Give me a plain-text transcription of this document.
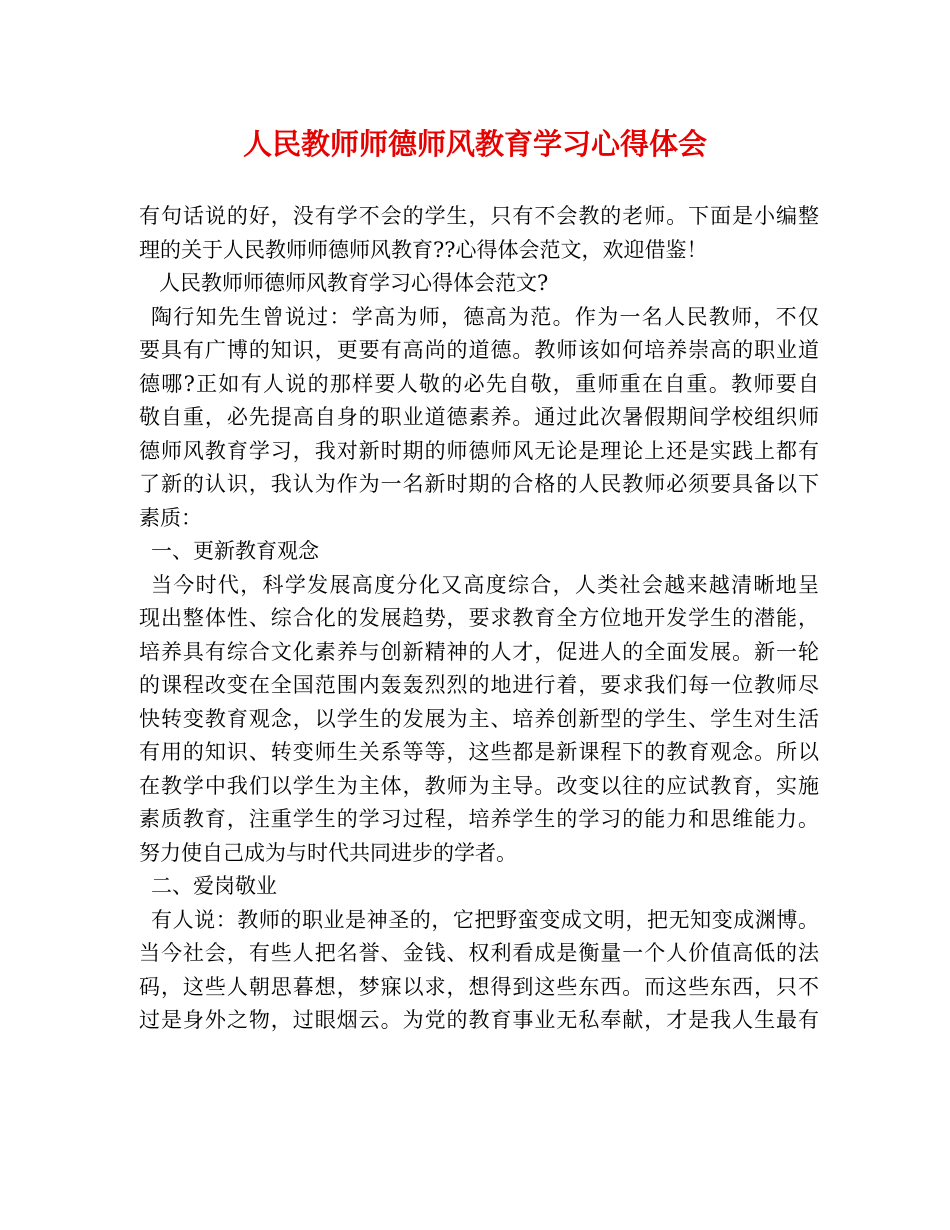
人民教师师德师风教育学习心得体会
有句话说的好，没有学不会的学生，只有不会教的老师。下面是小编整
理的关于人民教师师德师风教育??心得体会范文，欢迎借鉴！
人民教师师德师风教育学习心得体会范文?
陶行知先生曾说过：学高为师，德高为范。作为一名人民教师，不仅
要具有广博的知识，更要有高尚的道德。教师该如何培养崇高的职业道
德哪?正如有人说的那样要人敬的必先自敬，重师重在自重。教师要自
敬自重，必先提高自身的职业道德素养。通过此次暑假期间学校组织师
德师风教育学习，我对新时期的师德师风无论是理论上还是实践上都有
了新的认识，我认为作为一名新时期的合格的人民教师必须要具备以下
素质：
一、更新教育观念
当今时代，科学发展高度分化又高度综合，人类社会越来越清晰地呈
现出整体性、综合化的发展趋势，要求教育全方位地开发学生的潜能，
培养具有综合文化素养与创新精神的人才，促进人的全面发展。新一轮
的课程改变在全国范围内轰轰烈烈的地进行着，要求我们每一位教师尽
快转变教育观念，以学生的发展为主、培养创新型的学生、学生对生活
有用的知识、转变师生关系等等，这些都是新课程下的教育观念。所以
在教学中我们以学生为主体，教师为主导。改变以往的应试教育，实施
素质教育，注重学生的学习过程，培养学生的学习的能力和思维能力。
努力使自己成为与时代共同进步的学者。
二、爱岗敬业
有人说：教师的职业是神圣的，它把野蛮变成文明，把无知变成渊博。
当今社会，有些人把名誉、金钱、权利看成是衡量一个人价值高低的法
码，这些人朝思暮想，梦寐以求，想得到这些东西。而这些东西，只不
过是身外之物，过眼烟云。为党的教育事业无私奉献，才是我人生最有
